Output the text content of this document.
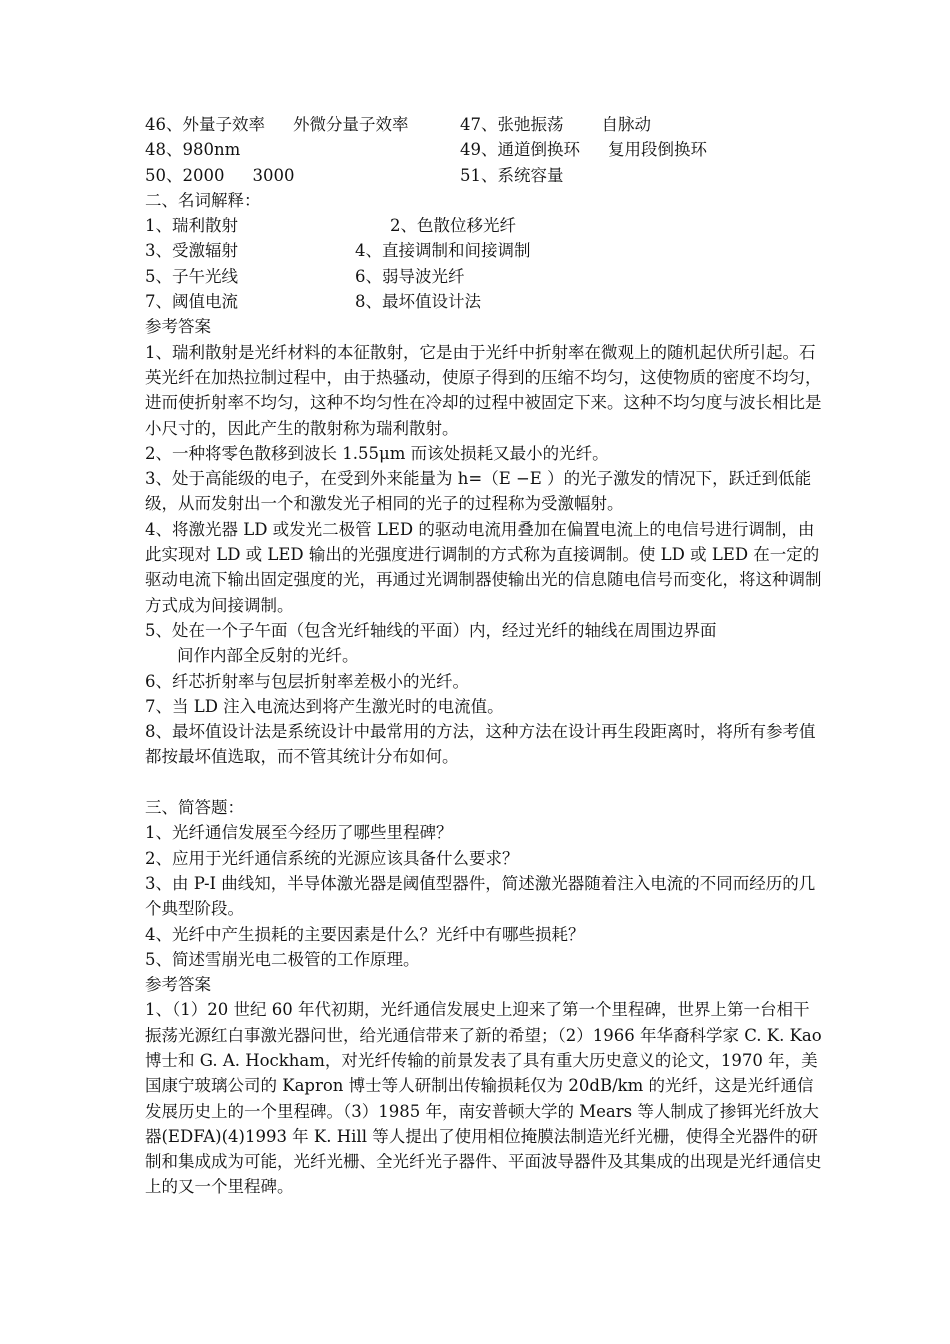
46、外量子效率 外微分量子效率	47、张弛振荡 自脉动
48、980nm	49、通道倒换环 复用段倒换环
50、2000 3000	51、系统容量
二、名词解释：
1、瑞利散射	2、色散位移光纤
3、受激辐射	4、直接调制和间接调制
5、子午光线	6、弱导波光纤
7、阈值电流	8、最坏值设计法
参考答案
1、瑞利散射是光纤材料的本征散射，它是由于光纤中折射率在微观上的随机起伏所引起。石英光纤在加热拉制过程中，由于热骚动，使原子得到的压缩不均匀，这使物质的密度不均匀，进而使折射率不均匀，这种不均匀性在冷却的过程中被固定下来。这种不均匀度与波长相比是小尺寸的，因此产生的散射称为瑞利散射。
2、一种将零色散移到波长 1.55μm 而该处损耗又最小的光纤。
3、处于高能级的电子，在受到外来能量为 h=（E −E ）的光子激发的情况下，跃迁到低能级，从而发射出一个和激发光子相同的光子的过程称为受激幅射。
4、将激光器 LD 或发光二极管 LED 的驱动电流用叠加在偏置电流上的电信号进行调制，由此实现对 LD 或 LED 输出的光强度进行调制的方式称为直接调制。使 LD 或 LED 在一定的驱动电流下输出固定强度的光，再通过光调制器使输出光的信息随电信号而变化，将这种调制方式成为间接调制。
5、处在一个子午面（包含光纤轴线的平面）内，经过光纤的轴线在周围边界面
间作内部全反射的光纤。
6、纤芯折射率与包层折射率差极小的光纤。
7、当 LD 注入电流达到将产生激光时的电流值。
8、最坏值设计法是系统设计中最常用的方法，这种方法在设计再生段距离时，将所有参考值都按最坏值选取，而不管其统计分布如何。
三、简答题：
1、光纤通信发展至今经历了哪些里程碑？
2、应用于光纤通信系统的光源应该具备什么要求？
3、由 P-I 曲线知，半导体激光器是阈值型器件，简述激光器随着注入电流的不同而经历的几个典型阶段。
4、光纤中产生损耗的主要因素是什么？光纤中有哪些损耗？
5、简述雪崩光电二极管的工作原理。
参考答案
1、（1）20 世纪 60 年代初期，光纤通信发展史上迎来了第一个里程碑，世界上第一台相干振荡光源红白事激光器问世，给光通信带来了新的希望；（2）1966 年华裔科学家 C. K. Kao 博士和 G. A. Hockham，对光纤传输的前景发表了具有重大历史意义的论文，1970 年，美国康宁玻璃公司的 Kapron 博士等人研制出传输损耗仅为 20dB/km 的光纤，这是光纤通信发展历史上的一个里程碑。（3）1985 年，南安普顿大学的 Mears 等人制成了掺铒光纤放大器(EDFA)(4)1993 年 K. Hill 等人提出了使用相位掩膜法制造光纤光栅，使得全光器件的研制和集成成为可能，光纤光栅、全光纤光子器件、平面波导器件及其集成的出现是光纤通信史上的又一个里程碑。
